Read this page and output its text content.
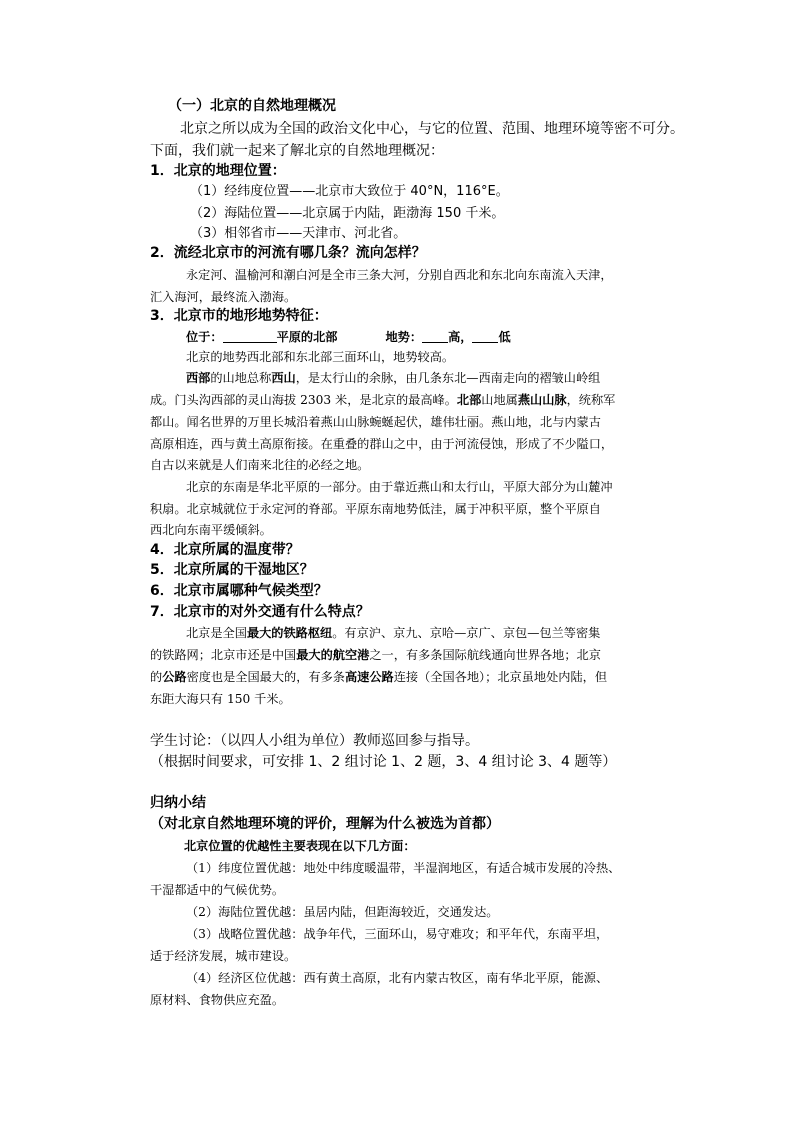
（一）北京的自然地理概况
北京之所以成为全国的政治文化中心，与它的位置、范围、地理环境等密不可分。
下面，我们就一起来了解北京的自然地理概况：
1．北京的地理位置：
（1）经纬度位置——北京市大致位于 40°N，116°E。
（2）海陆位置——北京属于内陆，距渤海 150 千米。
（3）相邻省市——天津市、河北省。
2．流经北京市的河流有哪几条？流向怎样？
永定河、温榆河和潮白河是全市三条大河，分别自西北和东北向东南流入天津，
汇入海河，最终流入渤海。
3．北京市的地形地势特征：
位于：	平原的北部	地势： 高， 低
北京的地势西北部和东北部三面环山，地势较高。
西部的山地总称西山，是太行山的余脉，由几条东北—西南走向的褶皱山岭组
成。门头沟西部的灵山海拔 2303 米，是北京的最高峰。北部山地属燕山山脉，统称军
都山。闻名世界的万里长城沿着燕山山脉蜿蜒起伏，雄伟壮丽。燕山地，北与内蒙古
高原相连，西与黄土高原衔接。在重叠的群山之中，由于河流侵蚀，形成了不少隘口，
自古以来就是人们南来北往的必经之地。
北京的东南是华北平原的一部分。由于靠近燕山和太行山，平原大部分为山麓冲
积扇。北京城就位于永定河的脊部。平原东南地势低洼，属于冲积平原，整个平原自
西北向东南平缓倾斜。
4．北京所属的温度带？
5．北京所属的干湿地区？
6．北京市属哪种气候类型？
7．北京市的对外交通有什么特点？
北京是全国最大的铁路枢纽。有京沪、京九、京哈—京广、京包—包兰等密集
的铁路网；北京市还是中国最大的航空港之一，有多条国际航线通向世界各地；北京
的公路密度也是全国最大的，有多条高速公路连接（全国各地）；北京虽地处内陆，但
东距大海只有 150 千米。
学生讨论：（以四人小组为单位）教师巡回参与指导。
（根据时间要求，可安排 1、2 组讨论 1、2 题，3、4 组讨论 3、4 题等）
归纳小结
（对北京自然地理环境的评价，理解为什么被选为首都）
北京位置的优越性主要表现在以下几方面：
（1）纬度位置优越：地处中纬度暖温带，半湿润地区，有适合城市发展的冷热、
干湿都适中的气候优势。
（2）海陆位置优越：虽居内陆，但距海较近，交通发达。
（3）战略位置优越：战争年代，三面环山，易守难攻；和平年代，东南平坦，
适于经济发展，城市建设。
（4）经济区位优越：西有黄土高原，北有内蒙古牧区，南有华北平原，能源、
原材料、食物供应充盈。
